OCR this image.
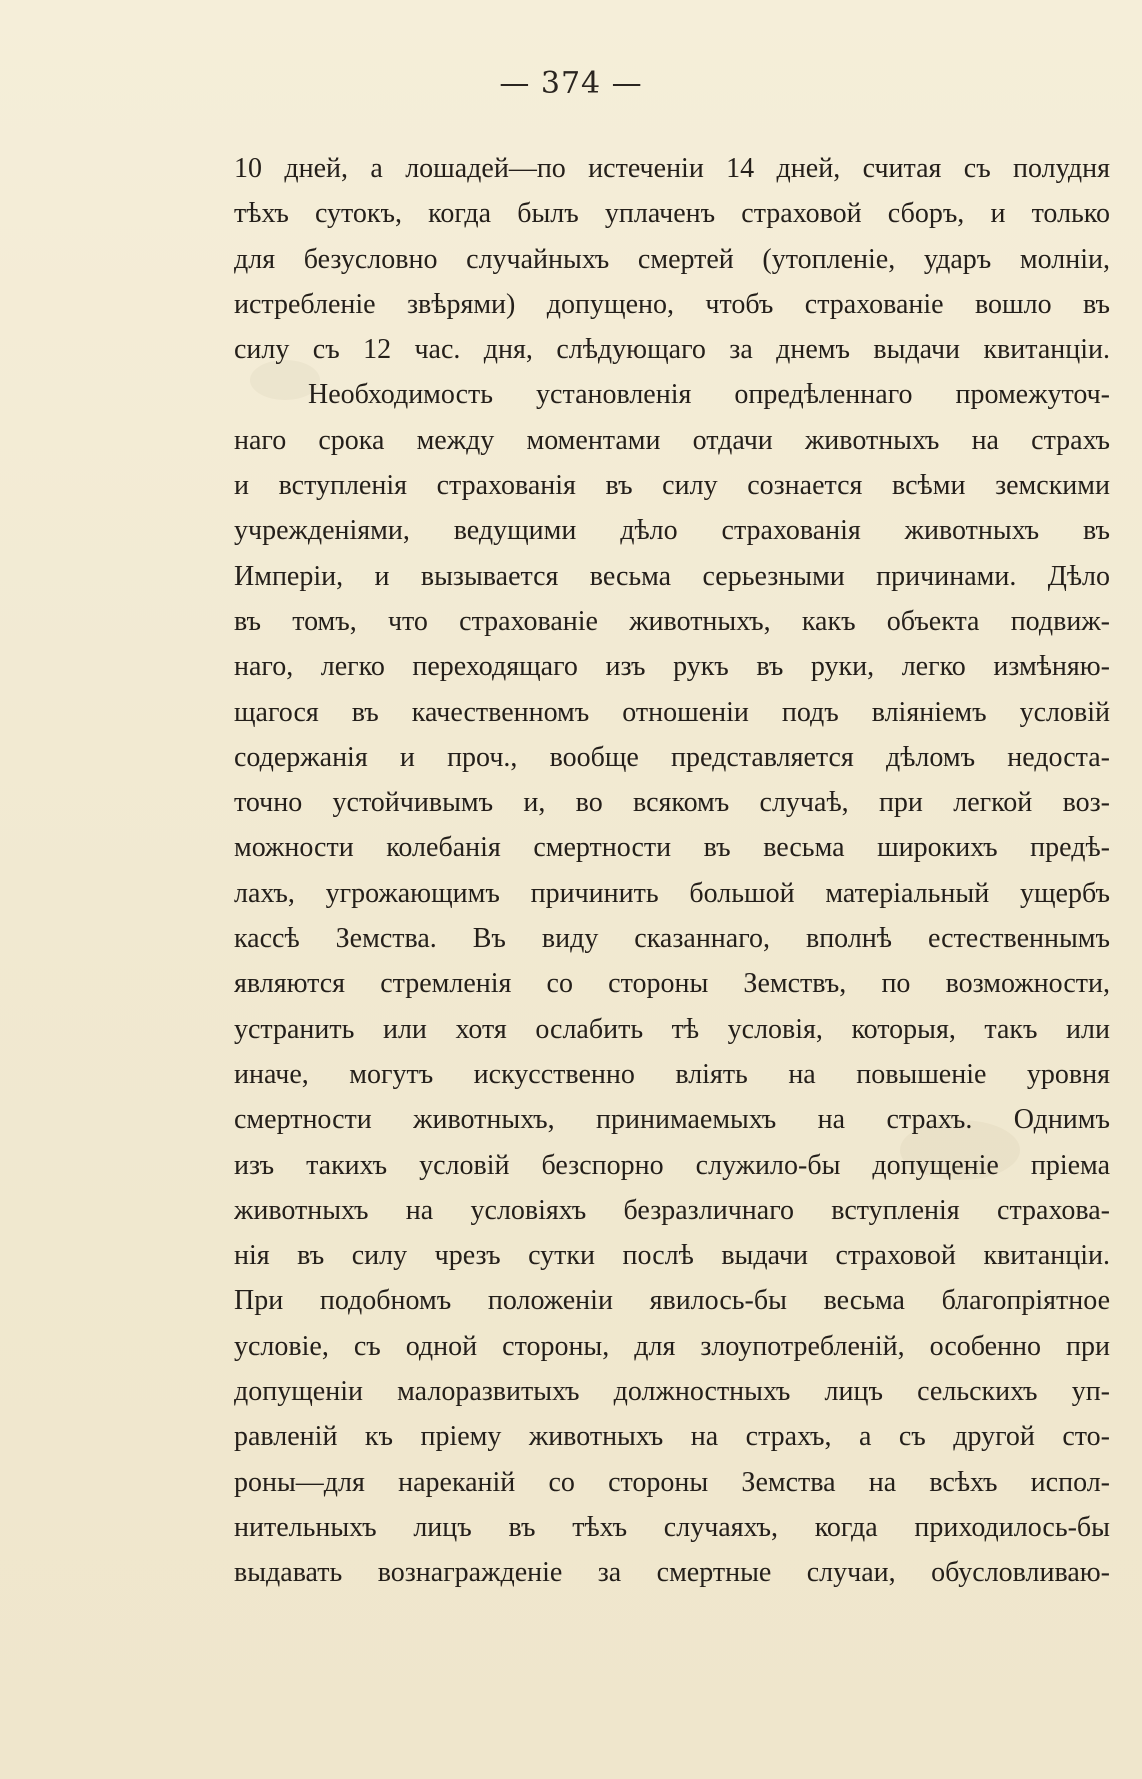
— 374 —
10 дней, а лошадей—по истеченіи 14 дней, считая съ полудня
тѣхъ сутокъ, когда былъ уплаченъ страховой сборъ, и только
для безусловно случайныхъ смертей (утопленіе, ударъ молніи,
истребленіе звѣрями) допущено, чтобъ страхованіе вошло въ
силу съ 12 час. дня, слѣдующаго за днемъ выдачи квитанціи.
Необходимость установленія опредѣленнаго промежуточ-
наго срока между моментами отдачи животныхъ на страхъ
и вступленія страхованія въ силу сознается всѣми земскими
учрежденіями, ведущими дѣло страхованія животныхъ въ
Имперіи, и вызывается весьма серьезными причинами. Дѣло
въ томъ, что страхованіе животныхъ, какъ объекта подвиж-
наго, легко переходящаго изъ рукъ въ руки, легко измѣняю-
щагося въ качественномъ отношеніи подъ вліяніемъ условій
содержанія и проч., вообще представляется дѣломъ недоста-
точно устойчивымъ и, во всякомъ случаѣ, при легкой воз-
можности колебанія смертности въ весьма широкихъ предѣ-
лахъ, угрожающимъ причинить большой матеріальный ущербъ
кассѣ Земства. Въ виду сказаннаго, вполнѣ естественнымъ
являются стремленія со стороны Земствъ, по возможности,
устранить или хотя ослабить тѣ условія, которыя, такъ или
иначе, могутъ искусственно вліять на повышеніе уровня
смертности животныхъ, принимаемыхъ на страхъ. Однимъ
изъ такихъ условій безспорно служило-бы допущеніе пріема
животныхъ на условіяхъ безразличнаго вступленія страхова-
нія въ силу чрезъ сутки послѣ выдачи страховой квитанціи.
При подобномъ положеніи явилось-бы весьма благопріятное
условіе, съ одной стороны, для злоупотребленій, особенно при
допущеніи малоразвитыхъ должностныхъ лицъ сельскихъ уп-
равленій къ пріему животныхъ на страхъ, а съ другой сто-
роны—для нареканій со стороны Земства на всѣхъ испол-
нительныхъ лицъ въ тѣхъ случаяхъ, когда приходилось-бы
выдавать вознагражденіе за смертные случаи, обусловливаю-
